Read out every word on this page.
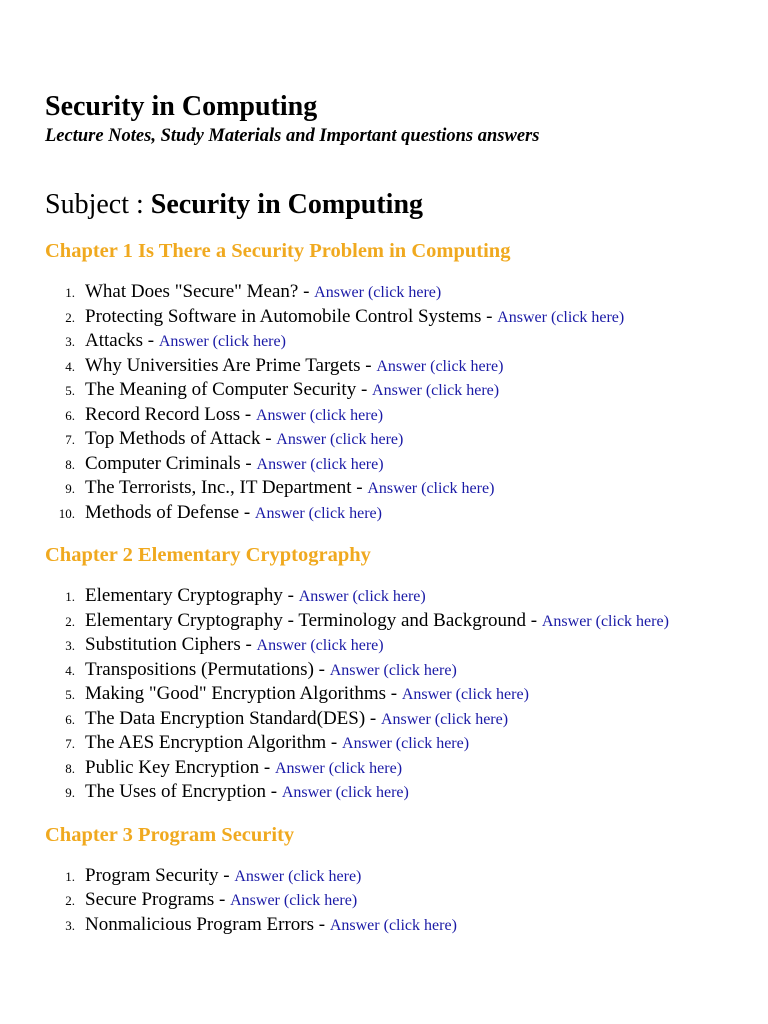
Security in Computing

Lecture Notes, Study Materials and Important questions answers

Subject : Security in Computing
Chapter 1 Is There a Security Problem in Computing
1. What Does "Secure" Mean? - Answer (click here)
2. Protecting Software in Automobile Control Systems - Answer (click here)
3. Attacks - Answer (click here)
4. Why Universities Are Prime Targets - Answer (click here)
5. The Meaning of Computer Security - Answer (click here)
6. Record Record Loss - Answer (click here)
7. Top Methods of Attack - Answer (click here)
8. Computer Criminals - Answer (click here)
9. The Terrorists, Inc., IT Department - Answer (click here)
10. Methods of Defense - Answer (click here)
Chapter 2 Elementary Cryptography
1. Elementary Cryptography - Answer (click here)
2. Elementary Cryptography - Terminology and Background - Answer (click here)
3. Substitution Ciphers - Answer (click here)
4. Transpositions (Permutations) - Answer (click here)
5. Making "Good" Encryption Algorithms - Answer (click here)
6. The Data Encryption Standard(DES) - Answer (click here)
7. The AES Encryption Algorithm - Answer (click here)
8. Public Key Encryption - Answer (click here)
9. The Uses of Encryption - Answer (click here)
Chapter 3 Program Security
1. Program Security - Answer (click here)
2. Secure Programs - Answer (click here)
3. Nonmalicious Program Errors - Answer (click here)
